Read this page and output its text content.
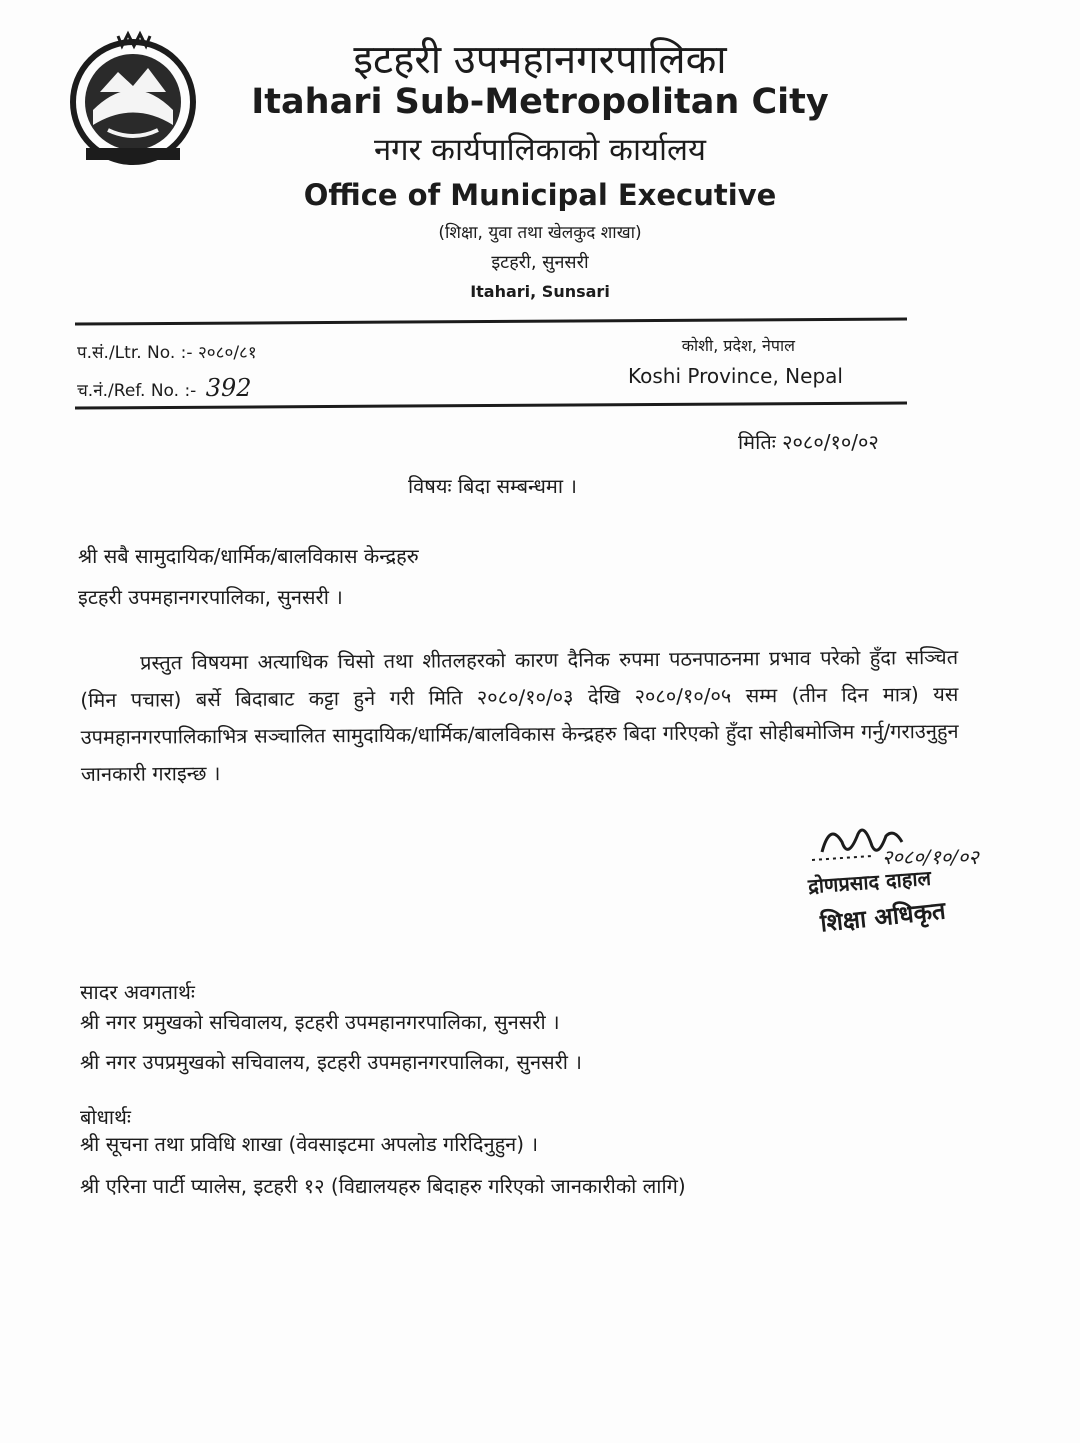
इटहरी उपमहानगरपालिका
Itahari Sub-Metropolitan City
नगर कार्यपालिकाको कार्यालय
Office of Municipal Executive
(शिक्षा, युवा तथा खेलकुद शाखा)
इटहरी, सुनसरी
Itahari, Sunsari
प.सं./Ltr. No. :- २०८०/८१
च.नं./Ref. No. :- 392
कोशी, प्रदेश, नेपाल
Koshi Province, Nepal
मितिः २०८०/१०/०२
विषयः बिदा सम्बन्धमा ।
श्री सबै सामुदायिक/धार्मिक/बालविकास केन्द्रहरु
इटहरी उपमहानगरपालिका, सुनसरी ।
प्रस्तुत विषयमा अत्याधिक चिसो तथा शीतलहरको कारण दैनिक रुपमा पठनपाठनमा प्रभाव परेको हुँदा सञ्चित (मिन पचास) बर्से बिदाबाट कट्टा हुने गरी मिति २०८०/१०/०३ देखि २०८०/१०/०५ सम्म (तीन दिन मात्र) यस उपमहानगरपालिकाभित्र सञ्चालित सामुदायिक/धार्मिक/बालविकास केन्द्रहरु बिदा गरिएको हुँदा सोहीबमोजिम गर्नु/गराउनुहुन जानकारी गराइन्छ ।
२०८०/१०/०२
द्रोणप्रसाद दाहाल
शिक्षा अधिकृत
सादर अवगतार्थः
श्री नगर प्रमुखको सचिवालय, इटहरी उपमहानगरपालिका, सुनसरी ।
श्री नगर उपप्रमुखको सचिवालय, इटहरी उपमहानगरपालिका, सुनसरी ।
बोधार्थः
श्री सूचना तथा प्रविधि शाखा (वेवसाइटमा अपलोड गरिदिनुहुन) ।
श्री एरिना पार्टी प्यालेस, इटहरी १२ (विद्यालयहरु बिदाहरु गरिएको जानकारीको लागि)
